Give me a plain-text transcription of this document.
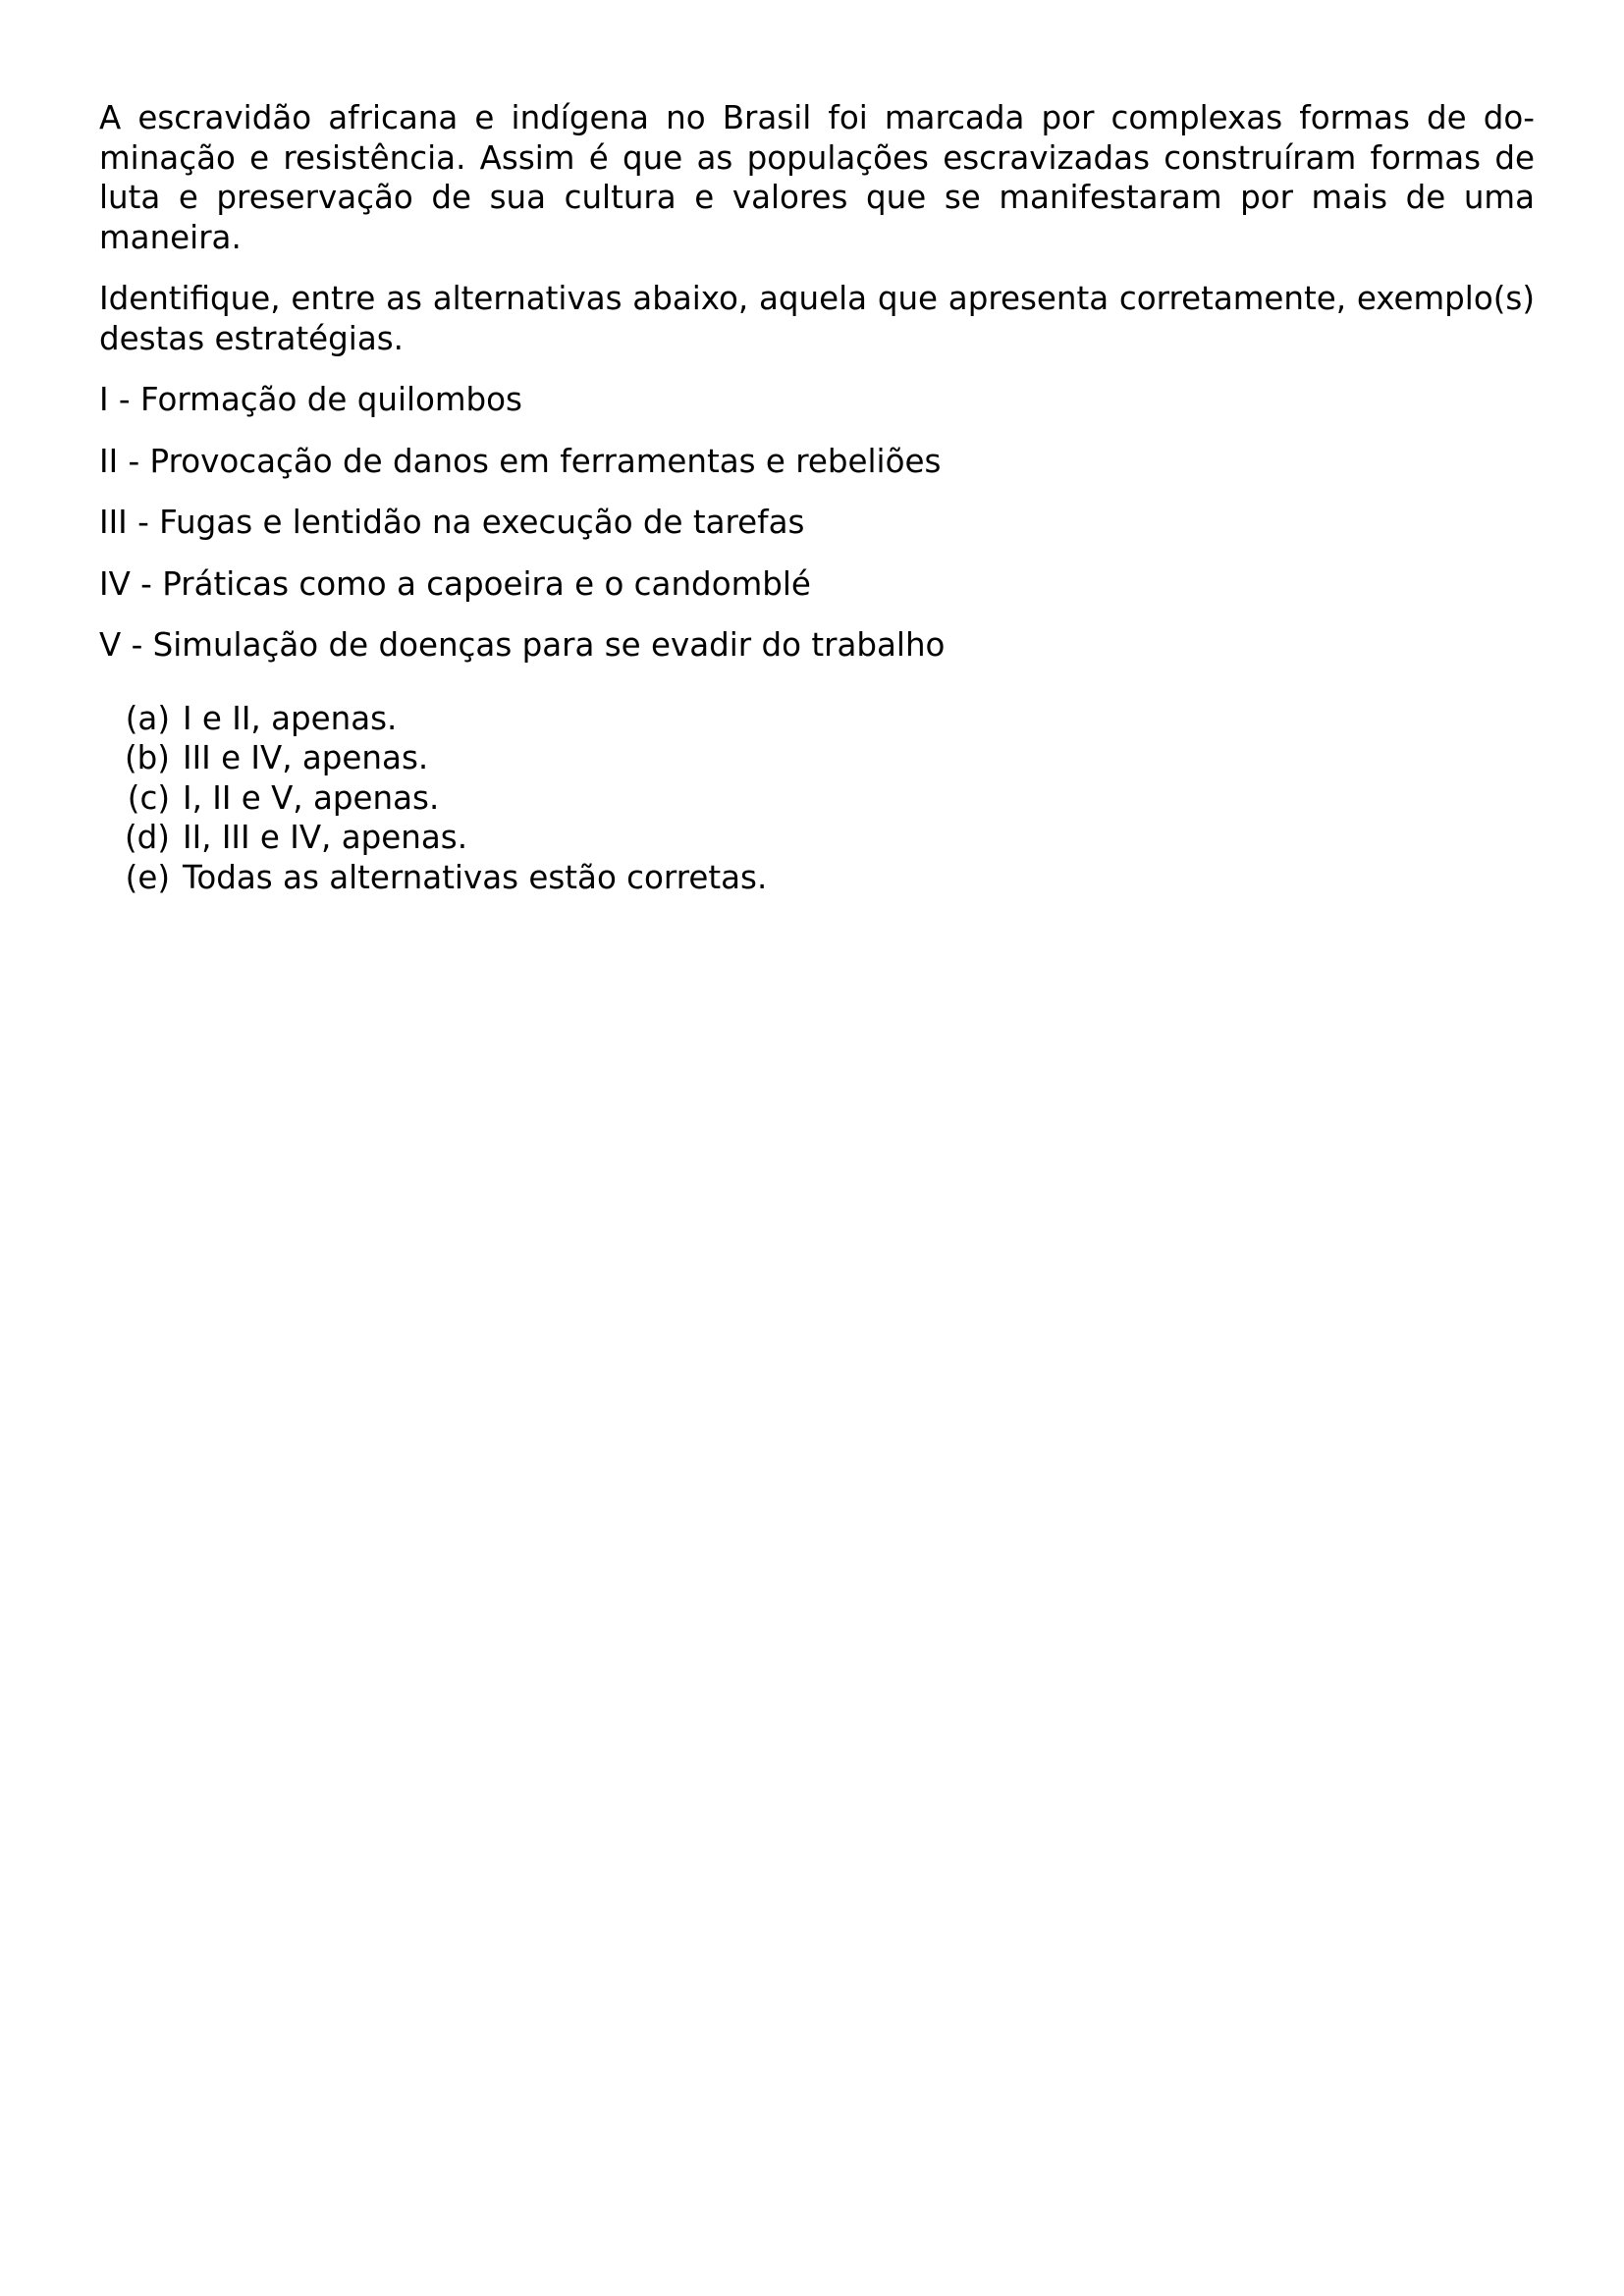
A escravidão africana e indígena no Brasil foi marcada por complexas formas de dominação e resistência. Assim é que as populações escravizadas construíram formas de luta e preservação de sua cultura e valores que se manifestaram por mais de uma maneira.

Identifique, entre as alternativas abaixo, aquela que apresenta corretamente, exemplo(s) destas estratégias.

I - Formação de quilombos

II - Provocação de danos em ferramentas e rebeliões

III - Fugas e lentidão na execução de tarefas

IV - Práticas como a capoeira e o candomblé

V - Simulação de doenças para se evadir do trabalho

(a) I e II, apenas.
(b) III e IV, apenas.
(c) I, II e V, apenas.
(d) II, III e IV, apenas.
(e) Todas as alternativas estão corretas.
